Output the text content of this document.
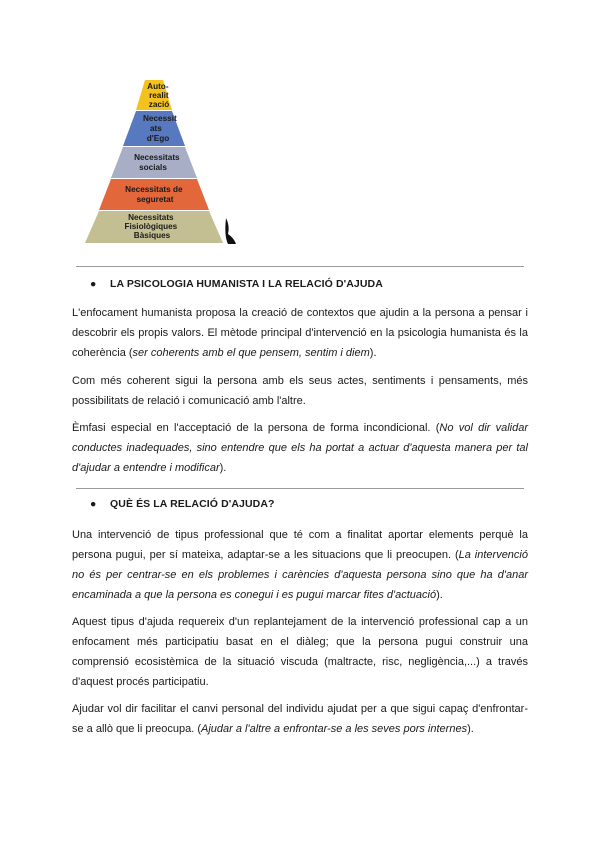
Auto- realit zació
Necessit ats d'Ego
Necessitats socials
Necessitats de seguretat
Necessitats Fisiològiques Bàsiques
● LA PSICOLOGIA HUMANISTA I LA RELACIÓ D'AJUDA

L'enfocament humanista proposa la creació de contextos que ajudin a la persona a pensar i descobrir els propis valors. El mètode principal d'intervenció en la psicologia humanista és la coherència (ser coherents amb el que pensem, sentim i diem).

Com més coherent sigui la persona amb els seus actes, sentiments i pensaments, més possibilitats de relació i comunicació amb l'altre.

Èmfasi especial en l'acceptació de la persona de forma incondicional. (No vol dir validar conductes inadequades, sino entendre que els ha portat a actuar d'aquesta manera per tal d'ajudar a entendre i modificar).

● QUÈ ÉS LA RELACIÓ D'AJUDA?

Una intervenció de tipus professional que té com a finalitat aportar elements perquè la persona pugui, per sí mateixa, adaptar-se a les situacions que li preocupen. (La intervenció no és per centrar-se en els problemes i carències d'aquesta persona sino que ha d'anar encaminada a que la persona es conegui i es pugui marcar fites d'actuació).

Aquest tipus d'ajuda requereix d'un replantejament de la intervenció professional cap a un enfocament més participatiu basat en el diàleg; que la persona pugui construir una comprensió ecosistèmica de la situació viscuda (maltracte, risc, negligència,...) a través d'aquest procés participatiu.

Ajudar vol dir facilitar el canvi personal del individu ajudat per a que sigui capaç d'enfrontar-se a allò que li preocupa. (Ajudar a l'altre a enfrontar-se a les seves pors internes).
